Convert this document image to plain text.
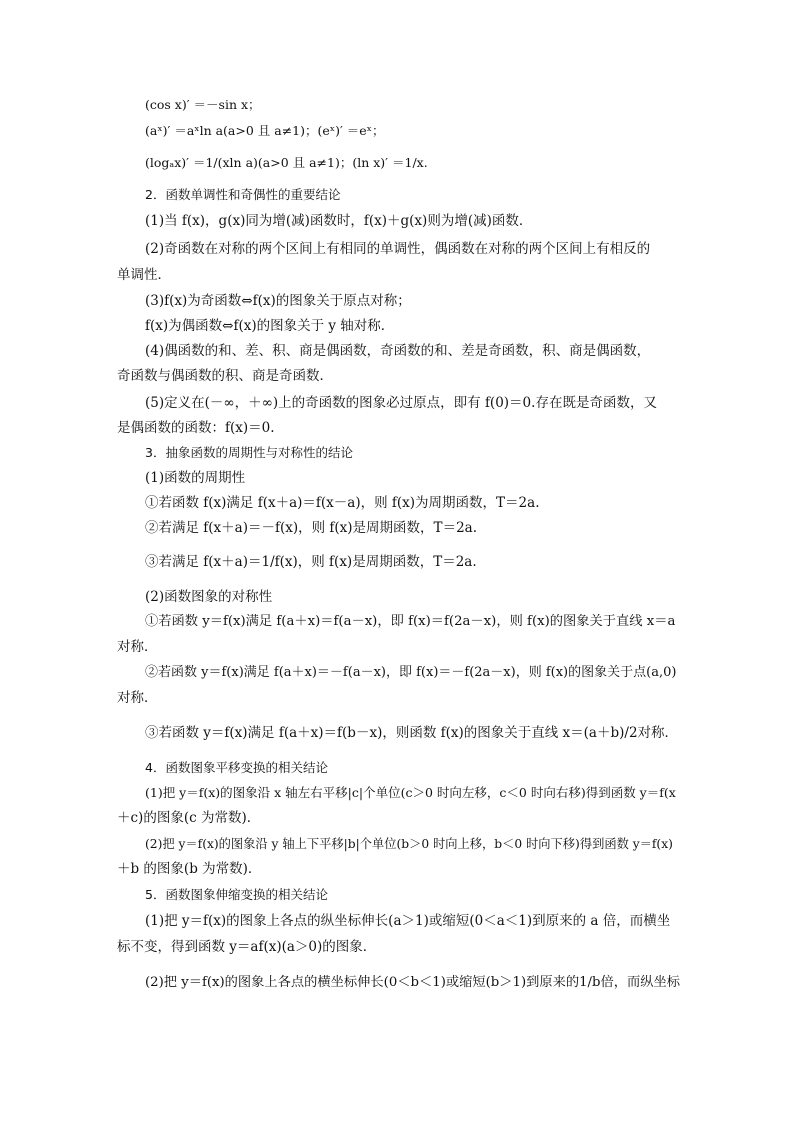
(cos x)′ ＝－sin x；
(aˣ)′ ＝aˣln a(a>0 且 a≠1)；(eˣ)′ ＝eˣ；
(logₐx)′ ＝1/(xln a)(a>0 且 a≠1)；(ln x)′ ＝1/x.
2．函数单调性和奇偶性的重要结论
(1)当 f(x)，g(x)同为增(减)函数时，f(x)＋g(x)则为增(减)函数．
(2)奇函数在对称的两个区间上有相同的单调性，偶函数在对称的两个区间上有相反的
单调性．
(3)f(x)为奇函数⇔f(x)的图象关于原点对称；
f(x)为偶函数⇔f(x)的图象关于 y 轴对称．
(4)偶函数的和、差、积、商是偶函数，奇函数的和、差是奇函数，积、商是偶函数，
奇函数与偶函数的积、商是奇函数．
(5)定义在(－∞，＋∞)上的奇函数的图象必过原点，即有 f(0)＝0.存在既是奇函数，又
是偶函数的函数：f(x)＝0.
3．抽象函数的周期性与对称性的结论
(1)函数的周期性
①若函数 f(x)满足 f(x＋a)＝f(x－a)，则 f(x)为周期函数，T＝2a.
②若满足 f(x＋a)＝－f(x)，则 f(x)是周期函数，T＝2a.
③若满足 f(x＋a)＝1/f(x)，则 f(x)是周期函数，T＝2a.
(2)函数图象的对称性
①若函数 y＝f(x)满足 f(a＋x)＝f(a－x)，即 f(x)＝f(2a－x)，则 f(x)的图象关于直线 x＝a
对称．
②若函数 y＝f(x)满足 f(a＋x)＝－f(a－x)，即 f(x)＝－f(2a－x)，则 f(x)的图象关于点(a,0)
对称．
③若函数 y＝f(x)满足 f(a＋x)＝f(b－x)，则函数 f(x)的图象关于直线 x＝(a＋b)/2对称．
4．函数图象平移变换的相关结论
(1)把 y＝f(x)的图象沿 x 轴左右平移|c|个单位(c＞0 时向左移，c＜0 时向右移)得到函数 y＝f(x
＋c)的图象(c 为常数)．
(2)把 y＝f(x)的图象沿 y 轴上下平移|b|个单位(b＞0 时向上移，b＜0 时向下移)得到函数 y＝f(x)
＋b 的图象(b 为常数)．
5．函数图象伸缩变换的相关结论
(1)把 y＝f(x)的图象上各点的纵坐标伸长(a＞1)或缩短(0＜a＜1)到原来的 a 倍，而横坐
标不变，得到函数 y＝af(x)(a＞0)的图象．
(2)把 y＝f(x)的图象上各点的横坐标伸长(0＜b＜1)或缩短(b＞1)到原来的1/b倍，而纵坐标
